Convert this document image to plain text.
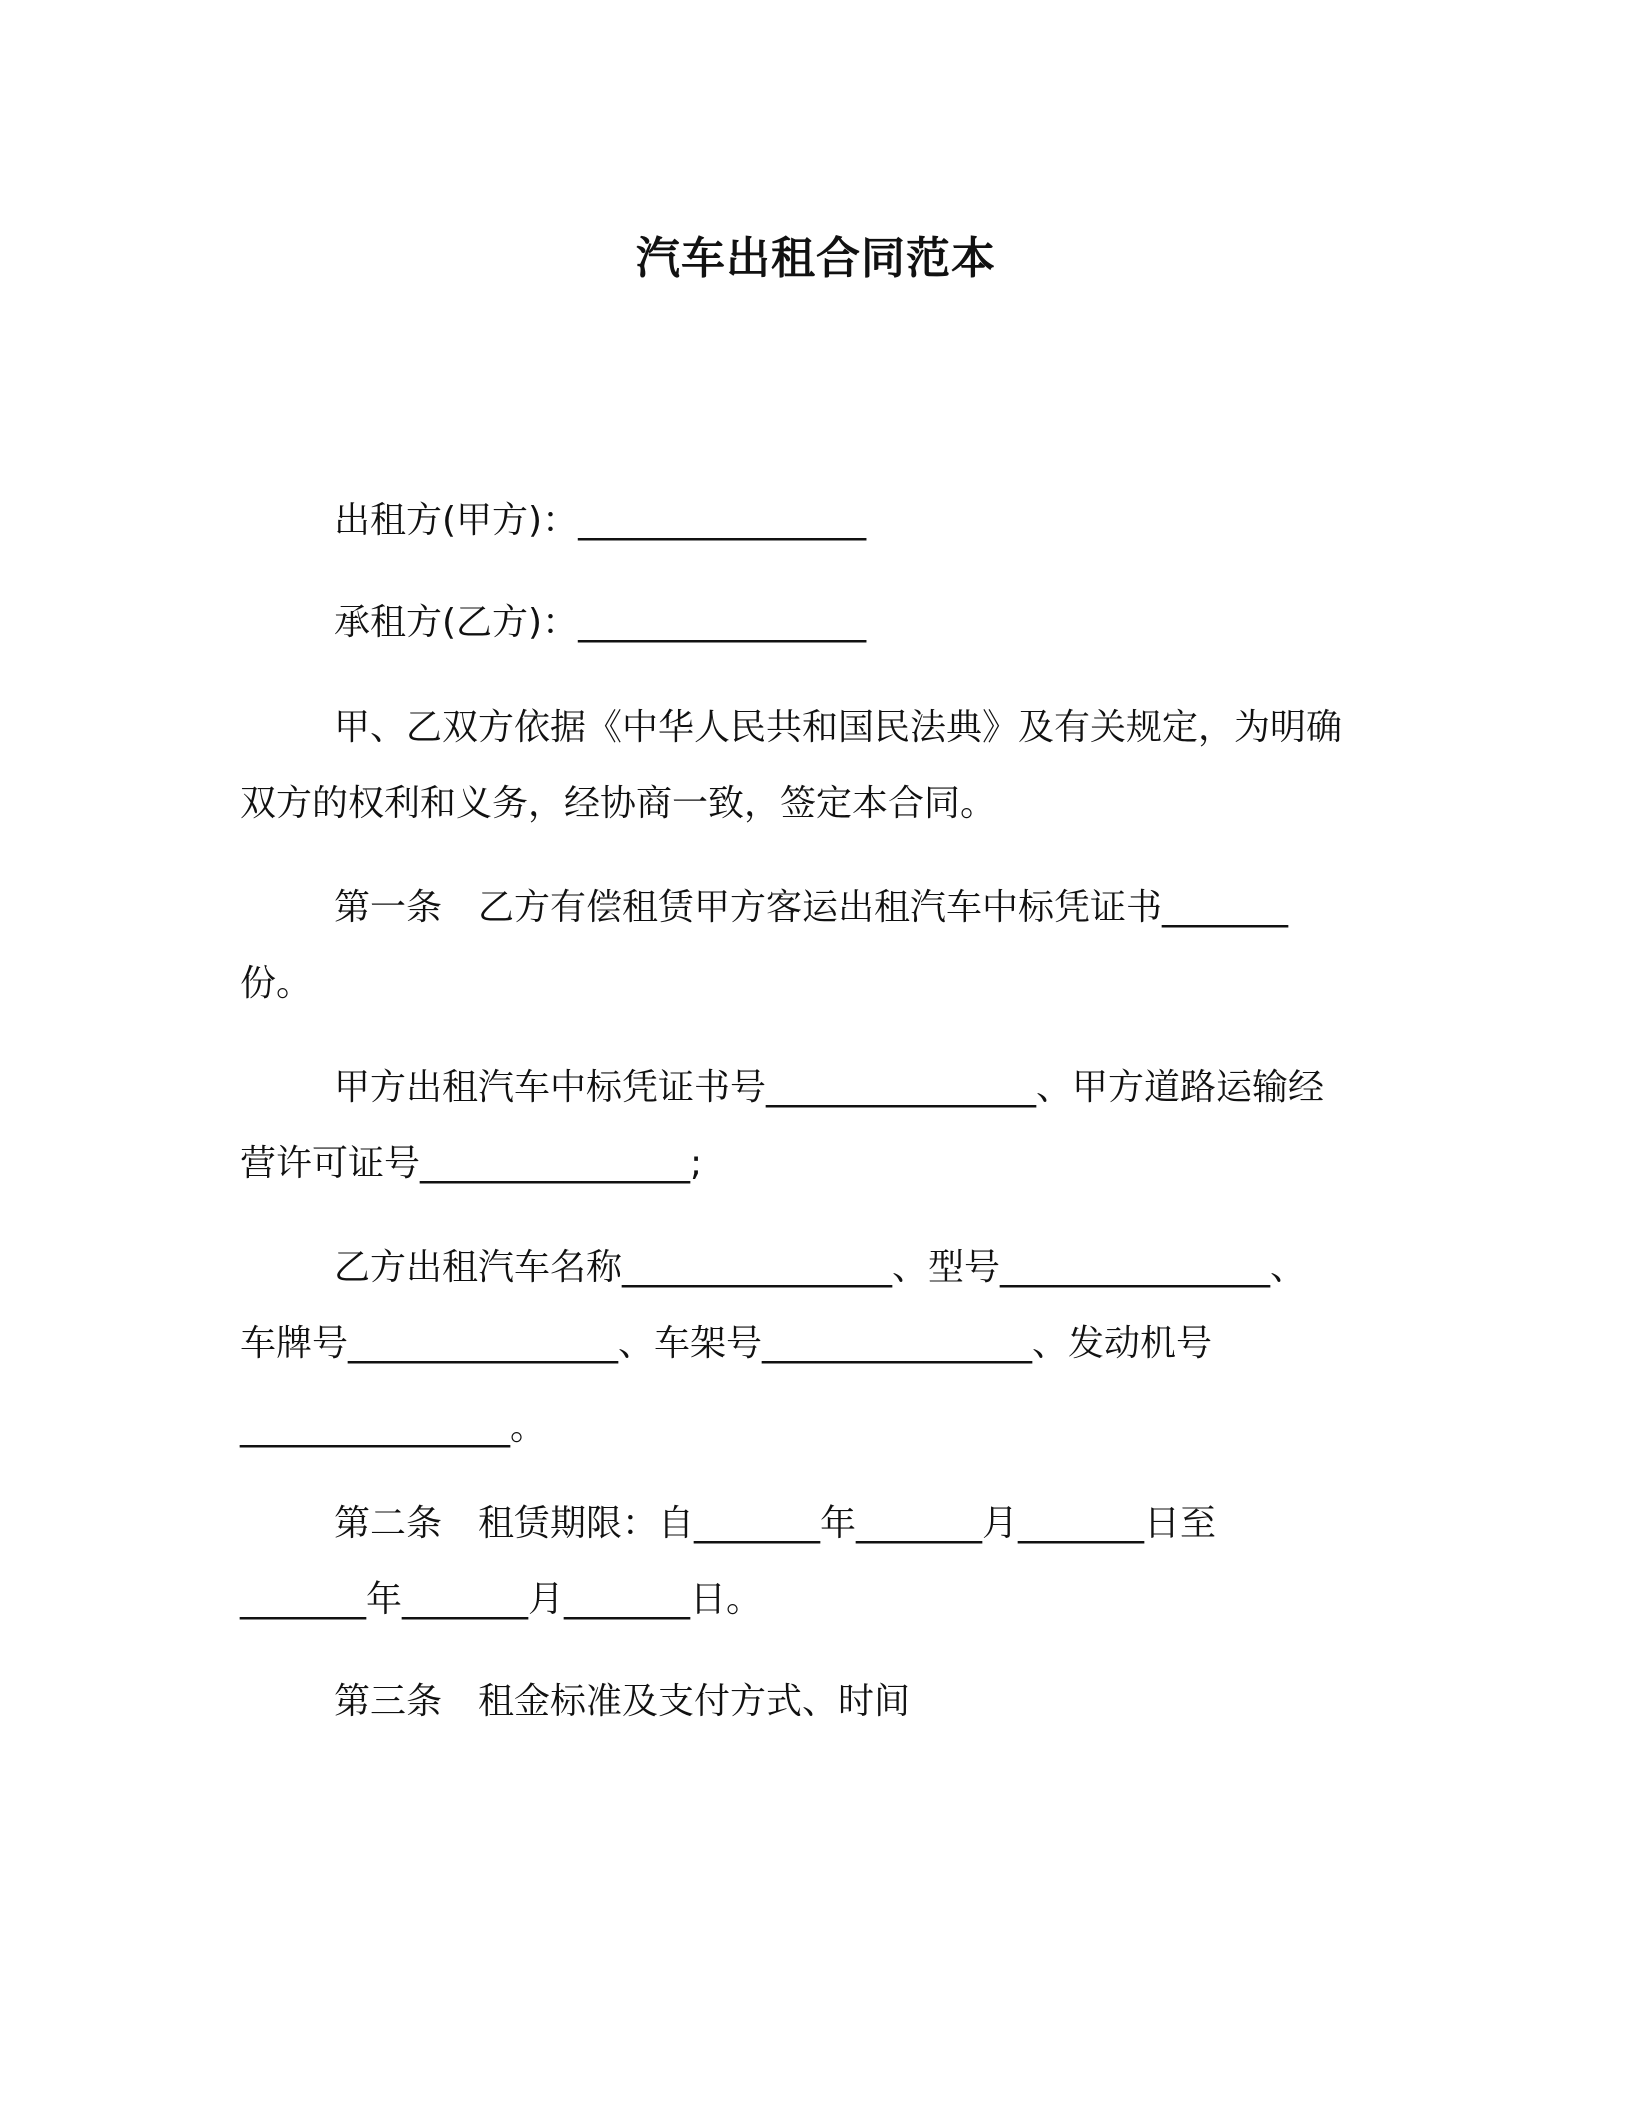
汽车出租合同范本

出租方(甲方)：________________

承租方(乙方)：________________

甲、乙双方依据《中华人民共和国民法典》及有关规定，为明确

双方的权利和义务，经协商一致，签定本合同。

第一条　乙方有偿租赁甲方客运出租汽车中标凭证书_______

份。

甲方出租汽车中标凭证书号_______________、甲方道路运输经

营许可证号_______________;

乙方出租汽车名称_______________、型号_______________、

车牌号_______________、车架号_______________、发动机号

_______________。

第二条　租赁期限：自_______年_______月_______日至

_______年_______月_______日。

第三条　租金标准及支付方式、时间
